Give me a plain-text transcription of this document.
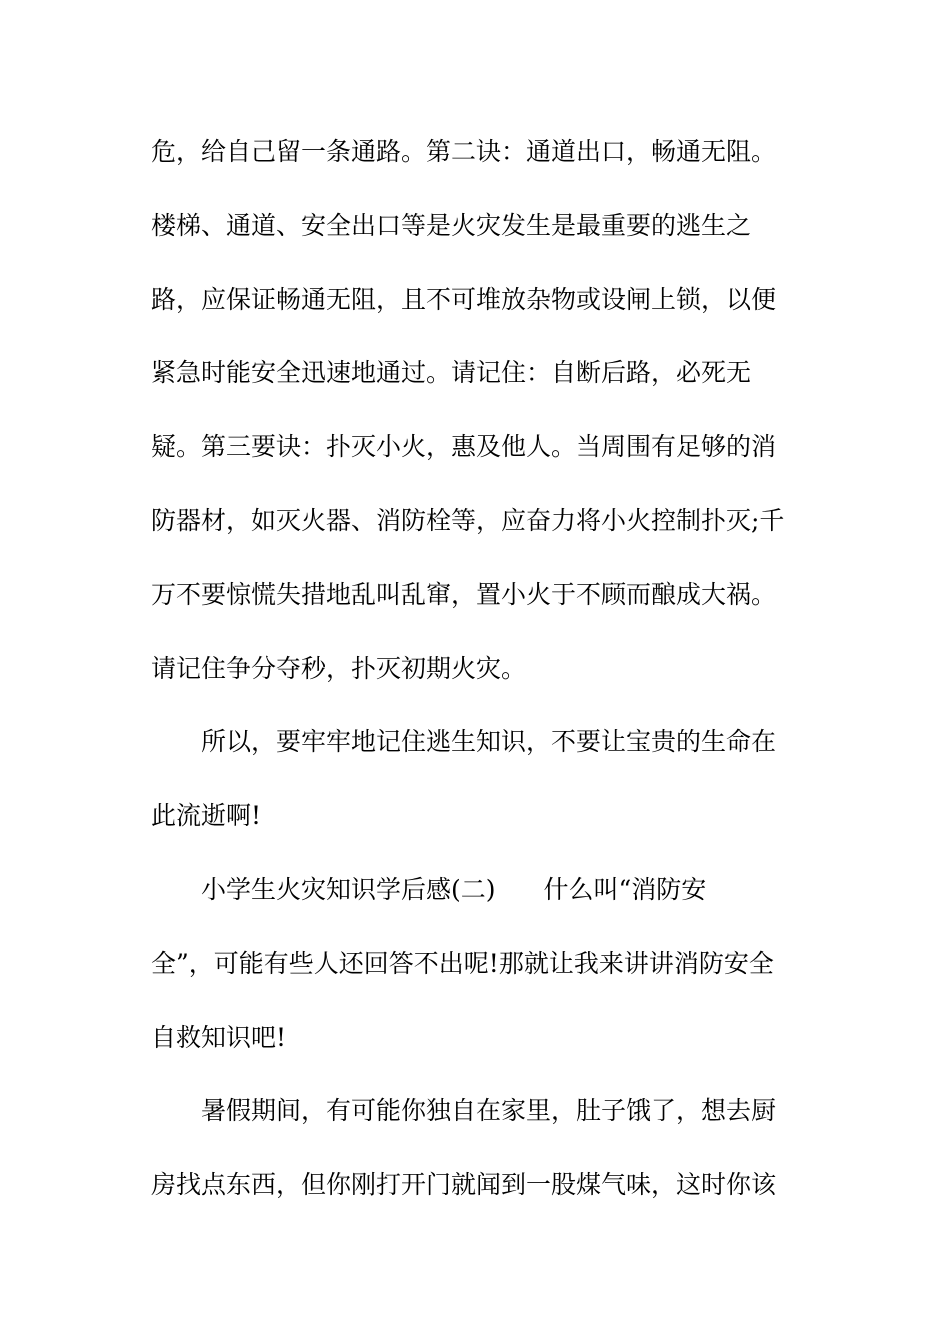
危，给自己留一条通路。第二诀：通道出口，畅通无阻。
楼梯、通道、安全出口等是火灾发生是最重要的逃生之
路，应保证畅通无阻，且不可堆放杂物或设闸上锁，以便
紧急时能安全迅速地通过。请记住：自断后路，必死无
疑。第三要诀：扑灭小火，惠及他人。当周围有足够的消
防器材，如灭火器、消防栓等，应奋力将小火控制扑灭;千
万不要惊慌失措地乱叫乱窜，置小火于不顾而酿成大祸。
请记住争分夺秒，扑灭初期火灾。
所以，要牢牢地记住逃生知识，不要让宝贵的生命在
此流逝啊!
小学生火灾知识学后感(二) 什么叫“消防安
全”，可能有些人还回答不出呢!那就让我来讲讲消防安全
自救知识吧!
暑假期间，有可能你独自在家里，肚子饿了，想去厨
房找点东西，但你刚打开门就闻到一股煤气味，这时你该
